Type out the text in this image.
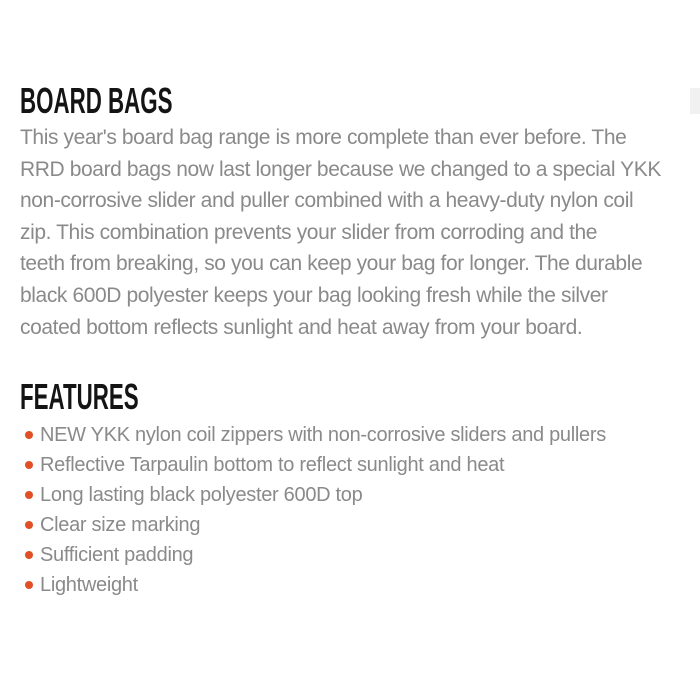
BOARD BAGS
This year's board bag range is more complete than ever before. The
RRD board bags now last longer because we changed to a special YKK
non-corrosive slider and puller combined with a heavy-duty nylon coil
zip. This combination prevents your slider from corroding and the
teeth from breaking, so you can keep your bag for longer. The durable
black 600D polyester keeps your bag looking fresh while the silver
coated bottom reflects sunlight and heat away from your board.
FEATURES
NEW YKK nylon coil zippers with non-corrosive sliders and pullers
Reflective Tarpaulin bottom to reflect sunlight and heat
Long lasting black polyester 600D top
Clear size marking
Sufficient padding
Lightweight
